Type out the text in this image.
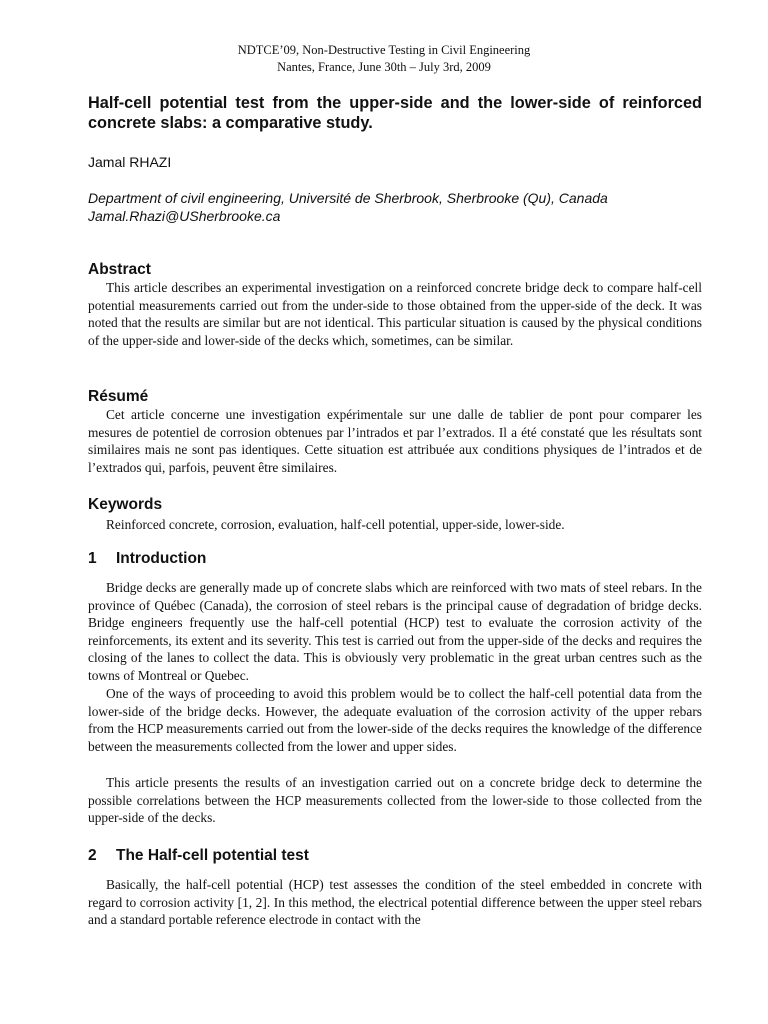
NDTCE’09, Non-Destructive Testing in Civil Engineering
Nantes, France, June 30th – July 3rd, 2009
Half-cell potential test from the upper-side and the lower-side of reinforced concrete slabs: a comparative study.
Jamal RHAZI
Department of civil engineering, Université de Sherbrook, Sherbrooke (Qu), Canada
Jamal.Rhazi@USherbrooke.ca
Abstract

This article describes an experimental investigation on a reinforced concrete bridge deck to compare half-cell potential measurements carried out from the under-side to those obtained from the upper-side of the deck. It was noted that the results are similar but are not identical. This particular situation is caused by the physical conditions of the upper-side and lower-side of the decks which, sometimes, can be similar.

Résumé

Cet article concerne une investigation expérimentale sur une dalle de tablier de pont pour comparer les mesures de potentiel de corrosion obtenues par l’intrados et par l’extrados. Il a été constaté que les résultats sont similaires mais ne sont pas identiques. Cette situation est attribuée aux conditions physiques de l’intrados et de l’extrados qui, parfois, peuvent être similaires.

Keywords

Reinforced concrete, corrosion, evaluation, half-cell potential, upper-side, lower-side.

1 Introduction

Bridge decks are generally made up of concrete slabs which are reinforced with two mats of steel rebars. In the province of Québec (Canada), the corrosion of steel rebars is the principal cause of degradation of bridge decks. Bridge engineers frequently use the half-cell potential (HCP) test to evaluate the corrosion activity of the reinforcements, its extent and its severity. This test is carried out from the upper-side of the decks and requires the closing of the lanes to collect the data. This is obviously very problematic in the great urban centres such as the towns of Montreal or Quebec.

One of the ways of proceeding to avoid this problem would be to collect the half-cell potential data from the lower-side of the bridge decks. However, the adequate evaluation of the corrosion activity of the upper rebars from the HCP measurements carried out from the lower-side of the decks requires the knowledge of the difference between the measurements collected from the lower and upper sides.

This article presents the results of an investigation carried out on a concrete bridge deck to determine the possible correlations between the HCP measurements collected from the lower-side to those collected from the upper-side of the decks.

2 The Half-cell potential test

Basically, the half-cell potential (HCP) test assesses the condition of the steel embedded in concrete with regard to corrosion activity [1, 2]. In this method, the electrical potential difference between the upper steel rebars and a standard portable reference electrode in contact with the
